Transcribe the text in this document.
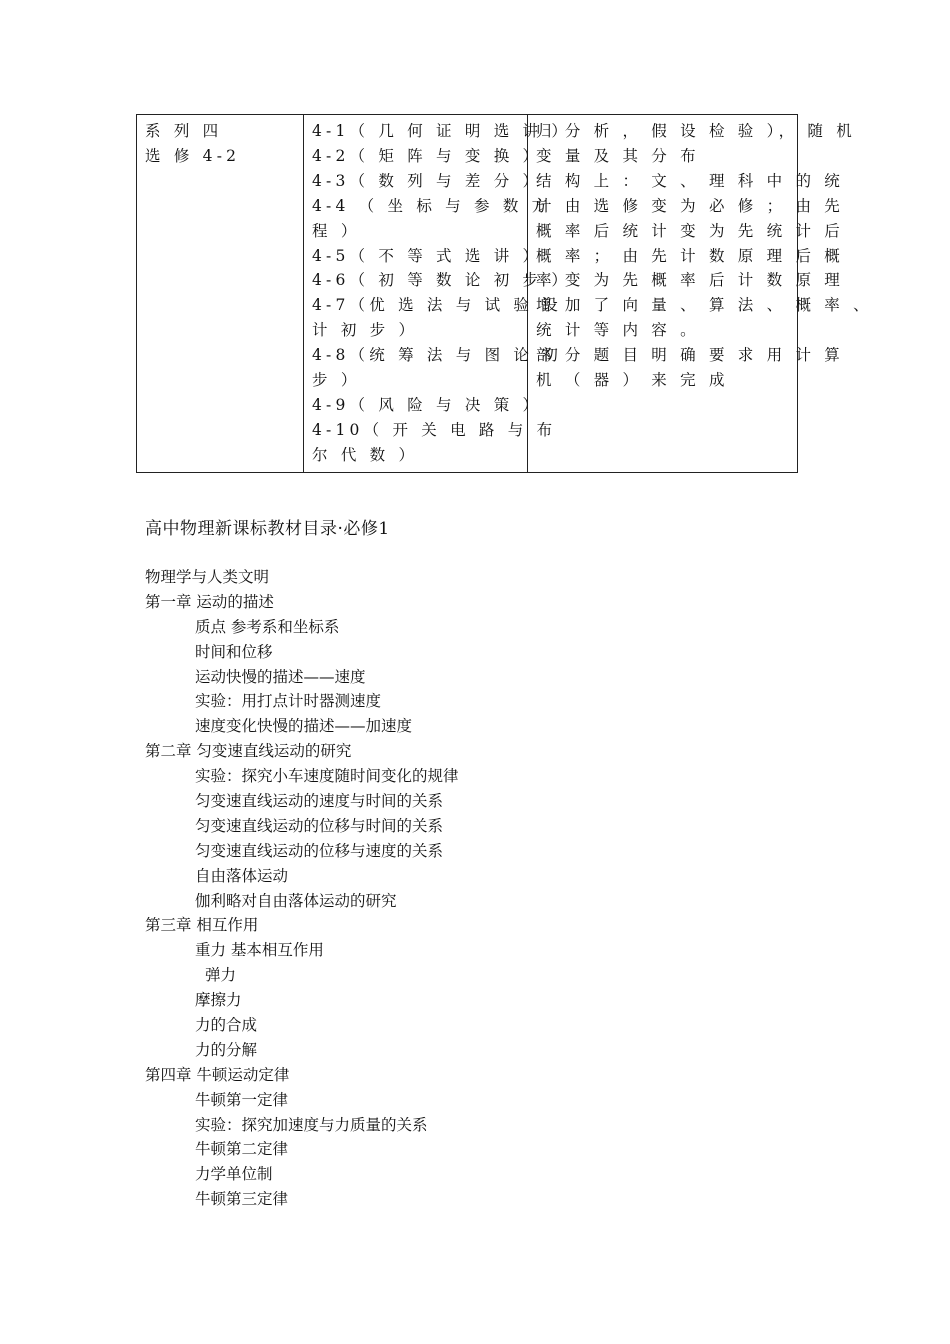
系 列 四
选 修 4-2

4-1（ 几 何 证 明 选 讲 ）
4-2（ 矩 阵 与 变 换 ）
4-3（ 数 列 与 差 分 ）
4-4 （ 坐 标 与 参 数 方
程 ）
4-5（ 不 等 式 选 讲 ）
4-6（ 初 等 数 论 初 步 ）
4-7（优 选 法 与 试 验 设
计 初 步 ）
4-8（统 筹 法 与 图 论 初
步 ）
4-9（ 风 险 与 决 策 ）
4-10（ 开 关 电 路 与 布
尔 代 数 ）

归 分 析 ， 假 设 检 验 ）， 随 机
变 量 及 其 分 布
结 构 上 ： 文 、 理 科 中 的 统
计 由 选 修 变 为 必 修 ； 由 先
概 率 后 统 计 变 为 先 统 计 后
概 率 ； 由 先 计 数 原 理 后 概
率 变 为 先 概 率 后 计 数 原 理
增 加 了 向 量 、 算 法 、 概 率 、
统 计 等 内 容 。
部 分 题 目 明 确 要 求 用 计 算
机 （ 器 ） 来 完 成
高中物理新课标教材目录·必修1
物理学与人类文明
第一章 运动的描述
质点 参考系和坐标系
时间和位移
运动快慢的描述——速度
实验：用打点计时器测速度
速度变化快慢的描述——加速度
第二章 匀变速直线运动的研究
实验：探究小车速度随时间变化的规律
匀变速直线运动的速度与时间的关系
匀变速直线运动的位移与时间的关系
匀变速直线运动的位移与速度的关系
自由落体运动
伽利略对自由落体运动的研究
第三章 相互作用
重力 基本相互作用
弹力
摩擦力
力的合成
力的分解
第四章 牛顿运动定律
牛顿第一定律
实验：探究加速度与力质量的关系
牛顿第二定律
力学单位制
牛顿第三定律
